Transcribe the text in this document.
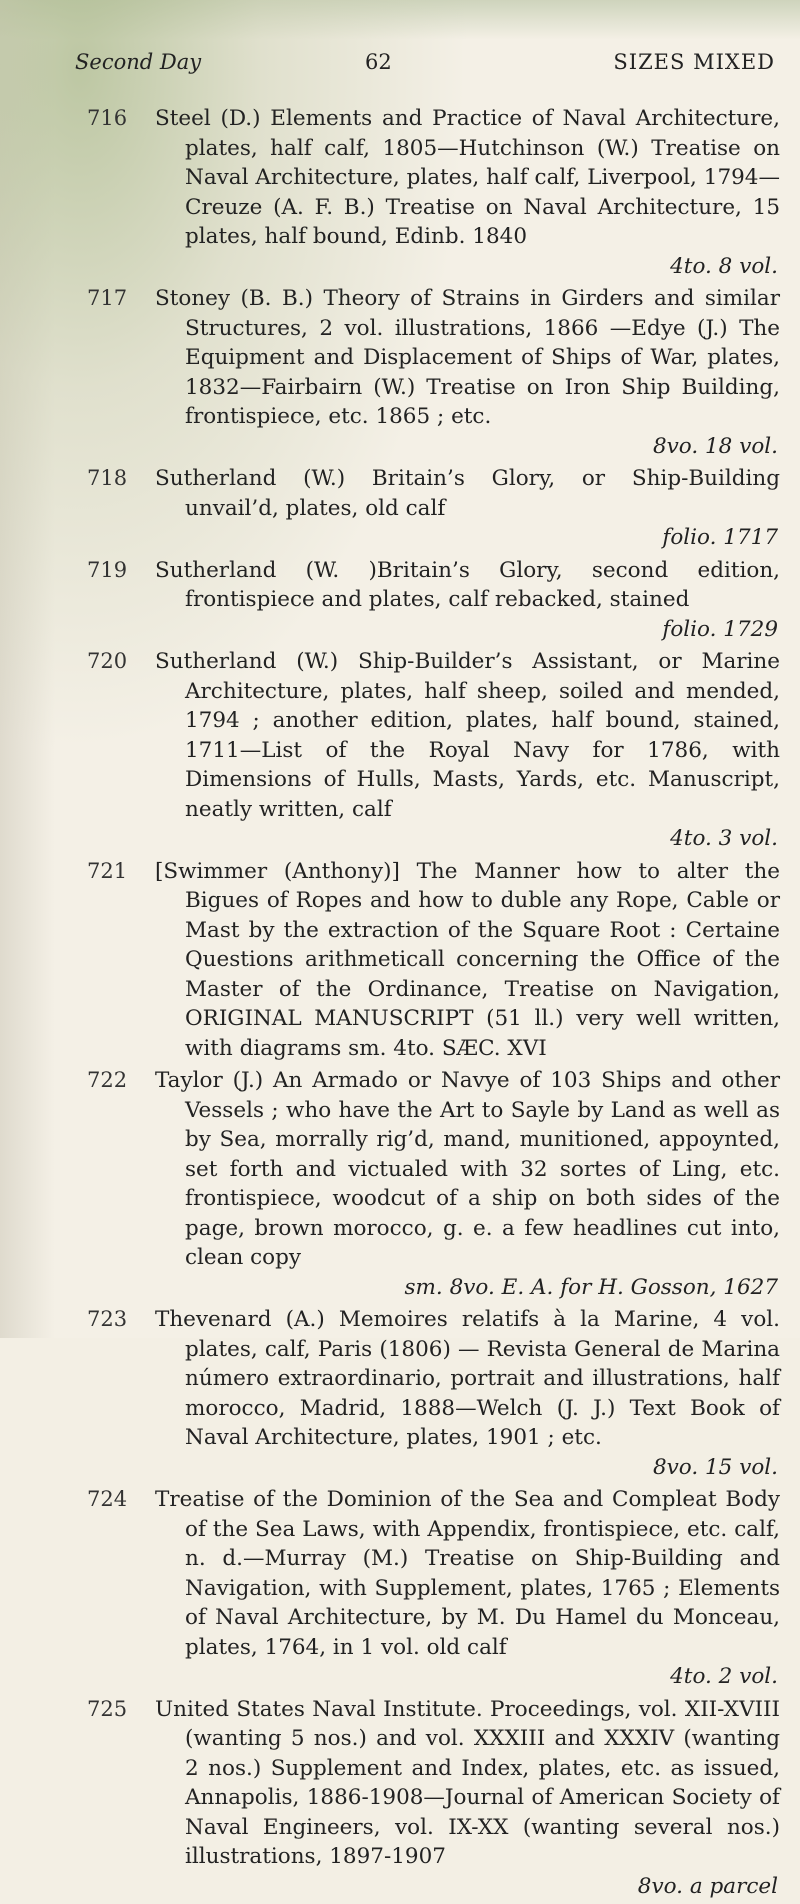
Second Day	62	SIZES MIXED
716	Steel (D.) Elements and Practice of Naval Architecture, plates, half calf, 1805—Hutchinson (W.) Treatise on Naval Architecture, plates, half calf, Liverpool, 1794—Creuze (A. F. B.) Treatise on Naval Architecture, 15 plates, half bound, Edinb. 1840
4to. 8 vol.
717	Stoney (B. B.) Theory of Strains in Girders and similar Structures, 2 vol. illustrations, 1866 —Edye (J.) The Equipment and Displacement of Ships of War, plates, 1832—Fairbairn (W.) Treatise on Iron Ship Building, frontispiece, etc. 1865 ; etc.
8vo. 18 vol.
718	Sutherland (W.) Britain’s Glory, or Ship-Building unvail’d, plates, old calf
folio. 1717
719	Sutherland (W. )Britain’s Glory, second edition, frontispiece and plates, calf rebacked, stained
folio. 1729
720	Sutherland (W.) Ship-Builder’s Assistant, or Marine Architecture, plates, half sheep, soiled and mended, 1794 ; another edition, plates, half bound, stained, 1711—List of the Royal Navy for 1786, with Dimensions of Hulls, Masts, Yards, etc. Manuscript, neatly written, calf
4to. 3 vol.
721	[Swimmer (Anthony)] The Manner how to alter the Bigues of Ropes and how to duble any Rope, Cable or Mast by the extraction of the Square Root : Certaine Questions arithmeticall concerning the Office of the Master of the Ordinance, Treatise on Navigation, ORIGINAL MANUSCRIPT (51 ll.) very well written, with diagrams sm. 4to. SÆC. XVI
722	Taylor (J.) An Armado or Navye of 103 Ships and other Vessels ; who have the Art to Sayle by Land as well as by Sea, morrally rig’d, mand, munitioned, appoynted, set forth and victualed with 32 sortes of Ling, etc. frontispiece, woodcut of a ship on both sides of the page, brown morocco, g. e. a few headlines cut into, clean copy
sm. 8vo. E. A. for H. Gosson, 1627
723	Thevenard (A.) Memoires relatifs à la Marine, 4 vol. plates, calf, Paris (1806) — Revista General de Marina número extraordinario, portrait and illustrations, half morocco, Madrid, 1888—Welch (J. J.) Text Book of Naval Architecture, plates, 1901 ; etc.
8vo. 15 vol.
724	Treatise of the Dominion of the Sea and Compleat Body of the Sea Laws, with Appendix, frontispiece, etc. calf, n. d.—Murray (M.) Treatise on Ship-Building and Navigation, with Supplement, plates, 1765 ; Elements of Naval Architecture, by M. Du Hamel du Monceau, plates, 1764, in 1 vol. old calf
4to. 2 vol.
725	United States Naval Institute. Proceedings, vol. XII-XVIII (wanting 5 nos.) and vol. XXXIII and XXXIV (wanting 2 nos.) Supplement and Index, plates, etc. as issued, Annapolis, 1886-1908—Journal of American Society of Naval Engineers, vol. IX-XX (wanting several nos.) illustrations, 1897-1907
8vo. a parcel
